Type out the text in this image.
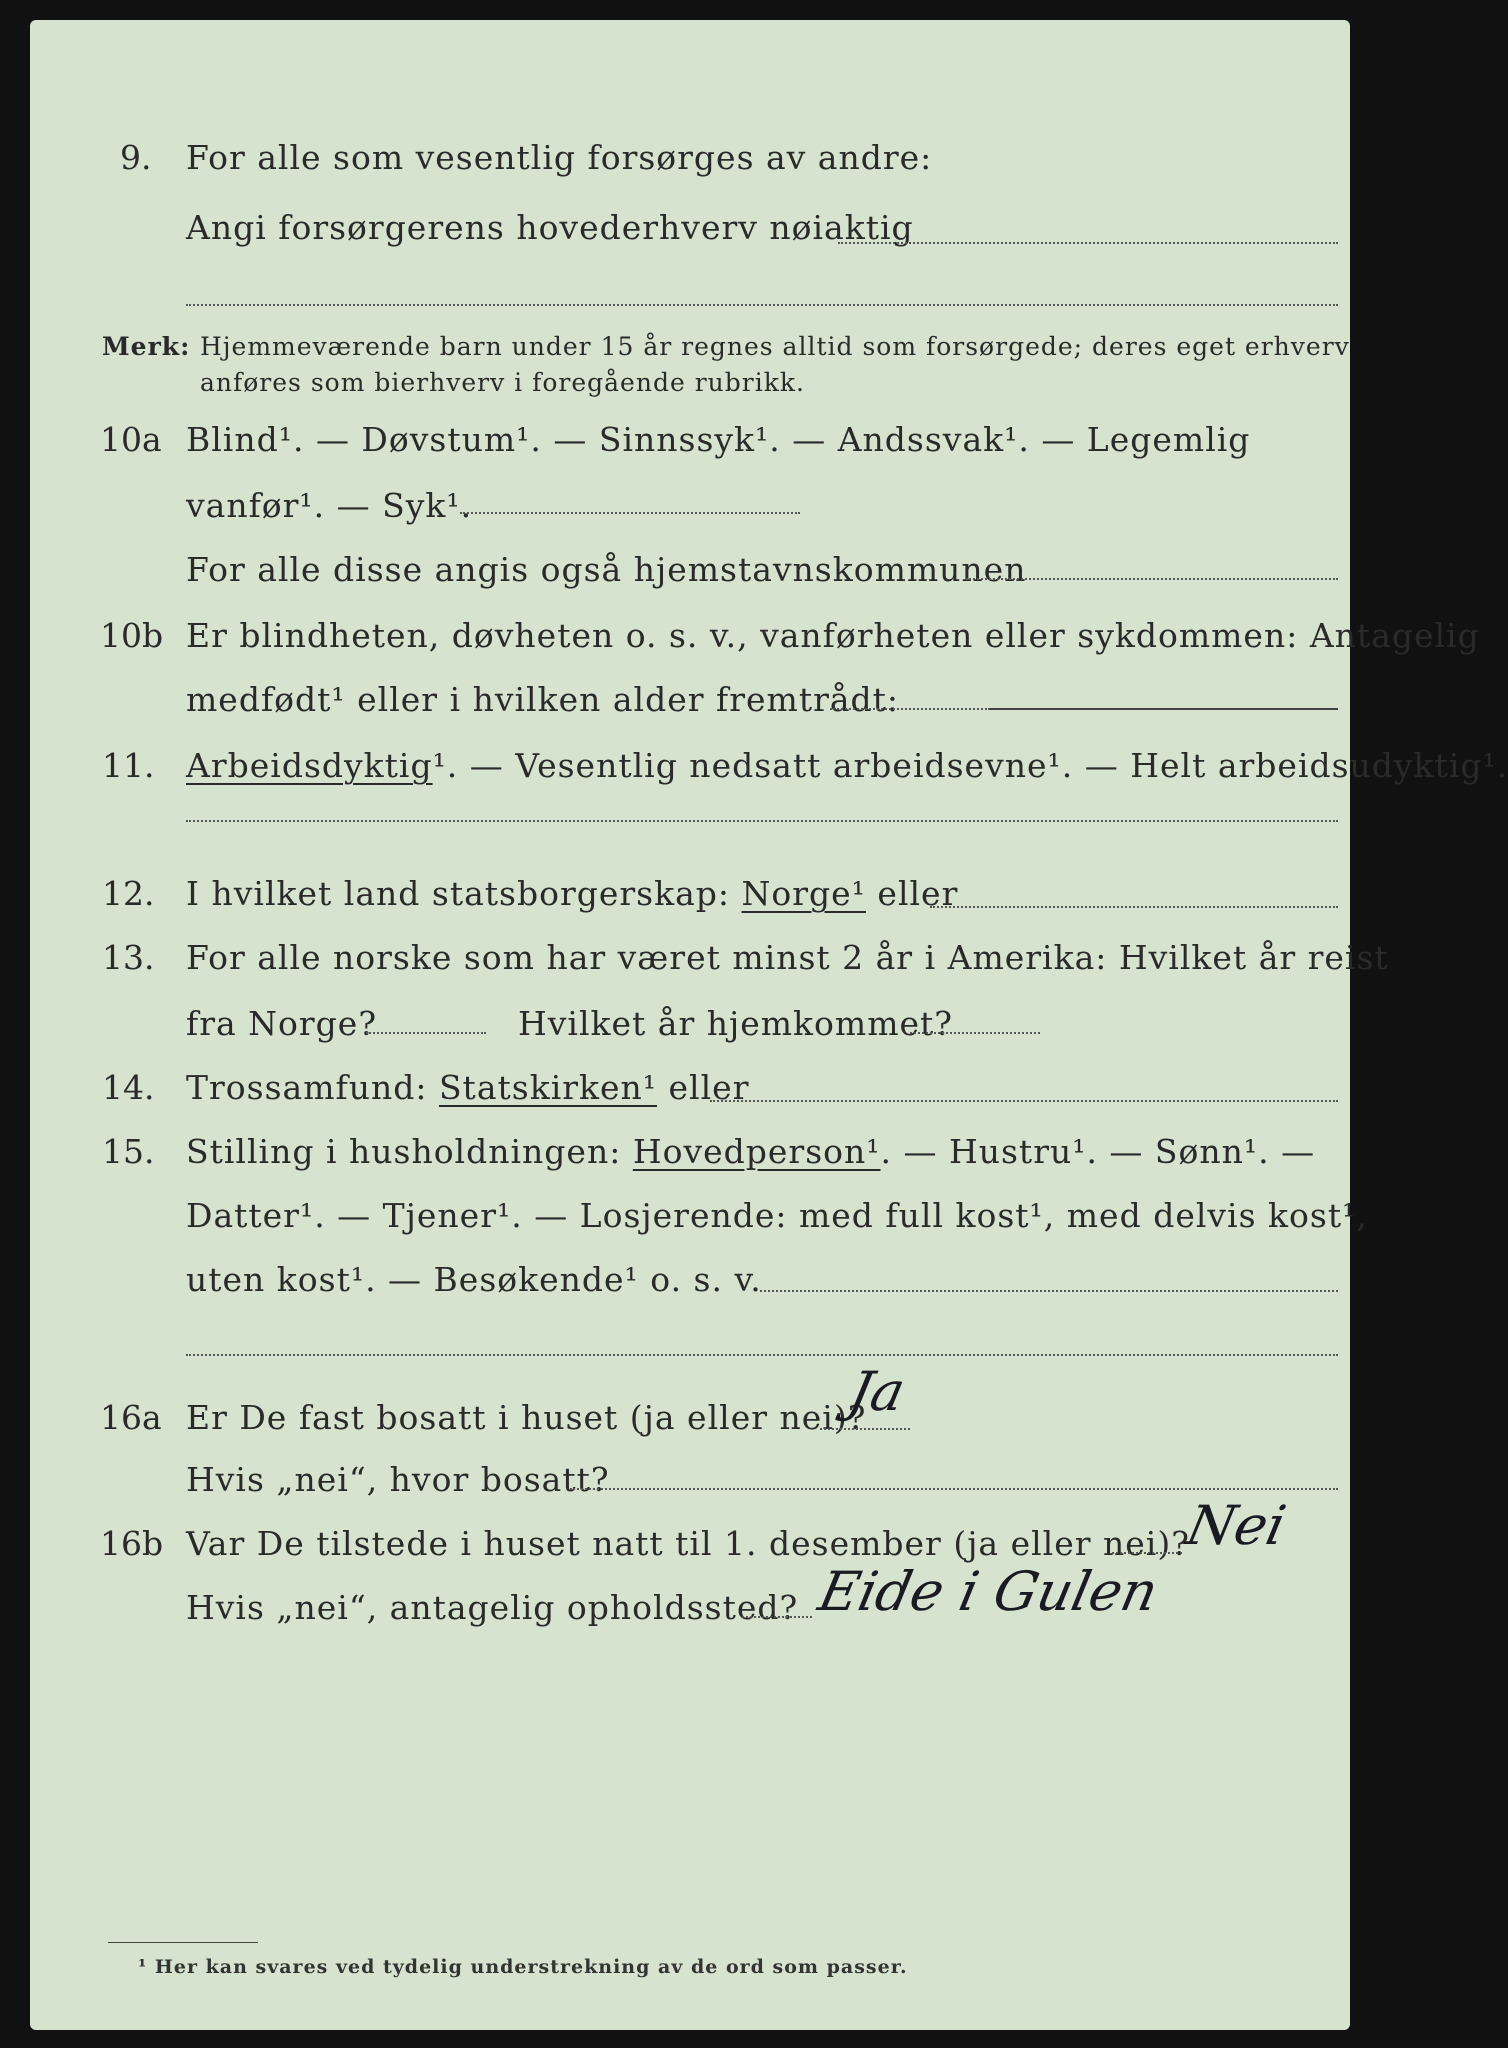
9. For alle som vesentlig forsørges av andre:
Angi forsørgerens hovederhverv nøiaktig
Merk: Hjemmeværende barn under 15 år regnes alltid som forsørgede; deres eget erhverv
anføres som bierhverv i foregående rubrikk.
10a Blind¹. — Døvstum¹. — Sinnssyk¹. — Andssvak¹. — Legemlig
vanfør¹. — Syk¹.
For alle disse angis også hjemstavnskommunen
10b Er blindheten, døvheten o. s. v., vanførheten eller sykdommen: Antagelig
medfødt¹ eller i hvilken alder fremtrådt:
11. Arbeidsdyktig¹. — Vesentlig nedsatt arbeidsevne¹. — Helt arbeidsudyktig¹.
12. I hvilket land statsborgerskap: Norge¹ eller
13. For alle norske som har været minst 2 år i Amerika: Hvilket år reist
fra Norge?	Hvilket år hjemkommet?
14. Trossamfund: Statskirken¹ eller
15. Stilling i husholdningen: Hovedperson¹. — Hustru¹. — Sønn¹. —
Datter¹. — Tjener¹. — Losjerende: med full kost¹, med delvis kost¹,
uten kost¹. — Besøkende¹ o. s. v.
16a Er De fast bosatt i huset (ja eller nei)?
Ja
Hvis „nei“, hvor bosatt?
16b Var De tilstede i huset natt til 1. desember (ja eller nei)?
Nei
Hvis „nei“, antagelig opholdssted? Eide i Gulen
¹ Her kan svares ved tydelig understrekning av de ord som passer.
